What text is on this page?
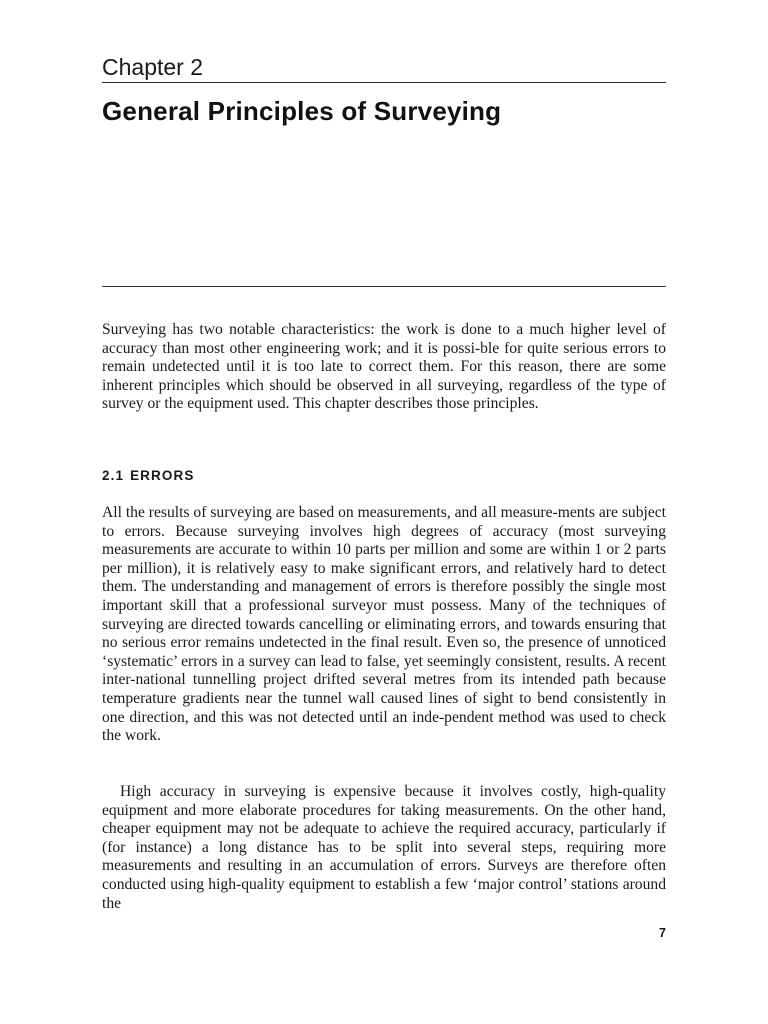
Chapter 2
General Principles of Surveying

Surveying has two notable characteristics: the work is done to a much higher level of accuracy than most other engineering work; and it is possi-ble for quite serious errors to remain undetected until it is too late to correct them. For this reason, there are some inherent principles which should be observed in all surveying, regardless of the type of survey or the equipment used. This chapter describes those principles.

2.1 ERRORS

All the results of surveying are based on measurements, and all measure-ments are subject to errors. Because surveying involves high degrees of accuracy (most surveying measurements are accurate to within 10 parts per million and some are within 1 or 2 parts per million), it is relatively easy to make significant errors, and relatively hard to detect them. The understanding and management of errors is therefore possibly the single most important skill that a professional surveyor must possess. Many of the techniques of surveying are directed towards cancelling or eliminating errors, and towards ensuring that no serious error remains undetected in the final result. Even so, the presence of unnoticed ‘systematic’ errors in a survey can lead to false, yet seemingly consistent, results. A recent inter-national tunnelling project drifted several metres from its intended path because temperature gradients near the tunnel wall caused lines of sight to bend consistently in one direction, and this was not detected until an inde-pendent method was used to check the work.

High accuracy in surveying is expensive because it involves costly, high-quality equipment and more elaborate procedures for taking measurements. On the other hand, cheaper equipment may not be adequate to achieve the required accuracy, particularly if (for instance) a long distance has to be split into several steps, requiring more measurements and resulting in an accumulation of errors. Surveys are therefore often conducted using high-quality equipment to establish a few ‘major control’ stations around the

7
